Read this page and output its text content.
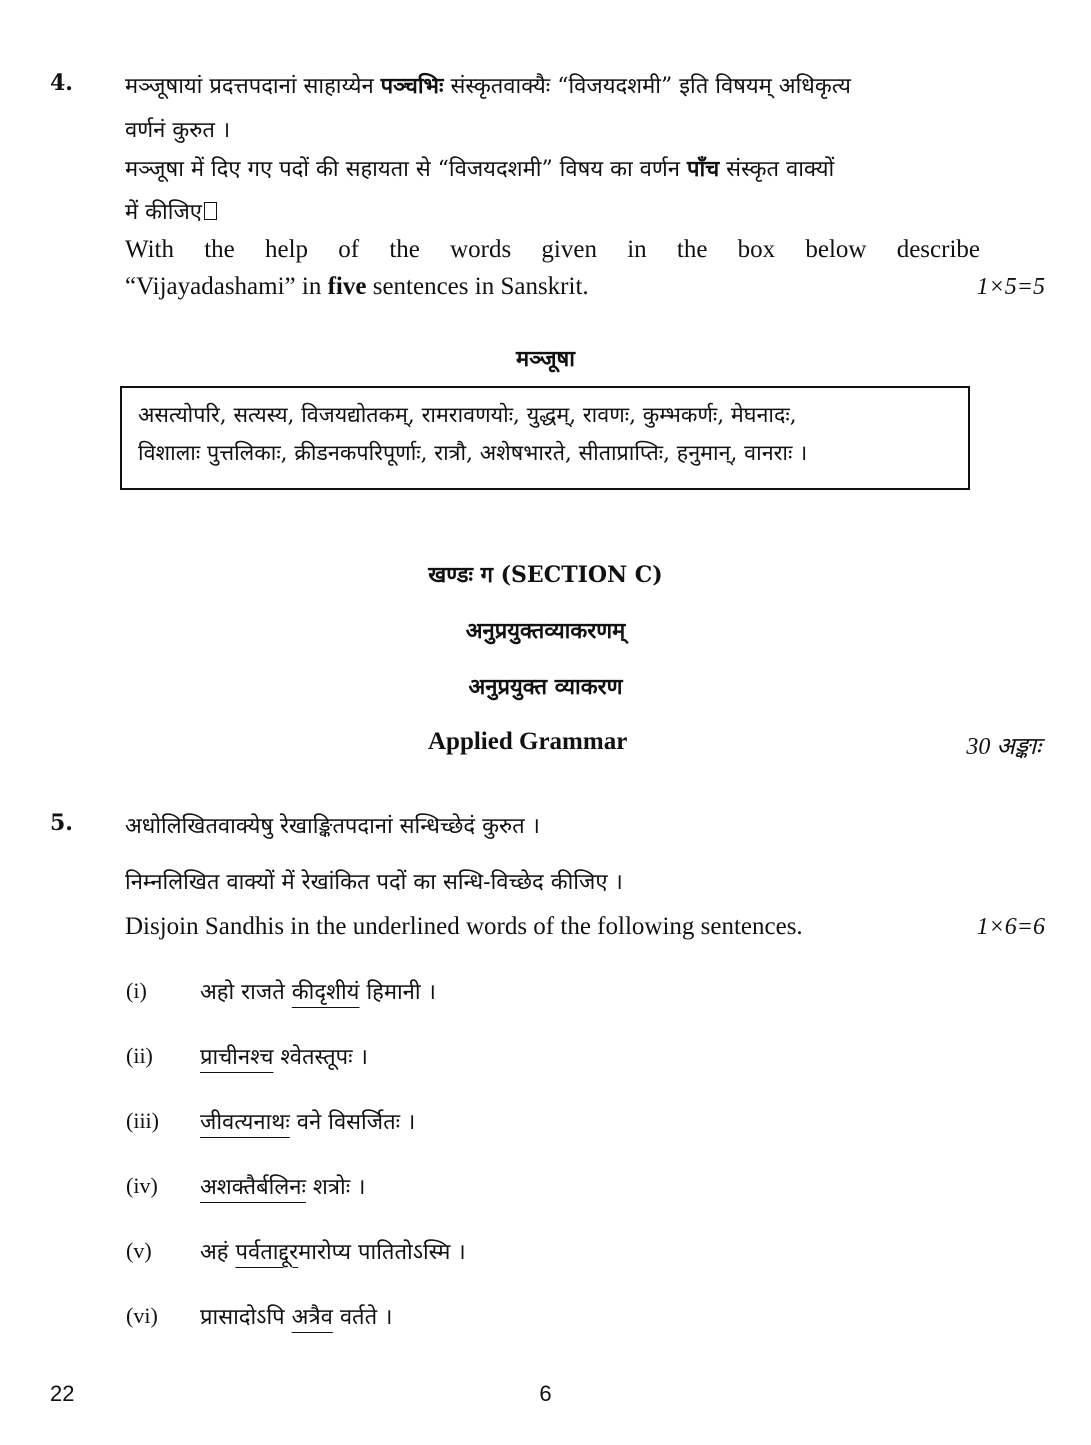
4. मञ्जूषायां प्रदत्तपदानां साहाय्येन पञ्चभिः संस्कृतवाक्यैः “विजयदशमी” इति विषयम् अधिकृत्य
वर्णनं कुरुत ।
मञ्जूषा में दिए गए पदों की सहायता से “विजयदशमी” विषय का वर्णन पाँच संस्कृत वाक्यों
में कीजिए
With the help of the words given in the box below describe
“Vijayadashami” in five sentences in Sanskrit.	1×5=5
मञ्जूषा
असत्योपरि, सत्यस्य, विजयद्योतकम्, रामरावणयोः, युद्धम्, रावणः, कुम्भकर्णः, मेघनादः,
विशालाः पुत्तलिकाः, क्रीडनकपरिपूर्णाः, रात्रौ, अशेषभारते, सीताप्राप्तिः, हनुमान्, वानराः ।
खण्डः ग (SECTION C)
अनुप्रयुक्तव्याकरणम्
अनुप्रयुक्त व्याकरण
Applied Grammar	30 अङ्काः
5. अधोलिखितवाक्येषु रेखाङ्कितपदानां सन्धिच्छेदं कुरुत ।
निम्नलिखित वाक्यों में रेखांकित पदों का सन्धि-विच्छेद कीजिए ।
Disjoin Sandhis in the underlined words of the following sentences.	1×6=6
(i) अहो राजते कीदृशीयं हिमानी ।
(ii) प्राचीनश्च श्वेतस्तूपः ।
(iii) जीवत्यनाथः वने विसर्जितः ।
(iv) अशक्तैर्बलिनः शत्रोः ।
(v) अहं पर्वताद्दूरमारोप्य पातितोऽस्मि ।
(vi) प्रासादोऽपि अत्रैव वर्तते ।
22	6
